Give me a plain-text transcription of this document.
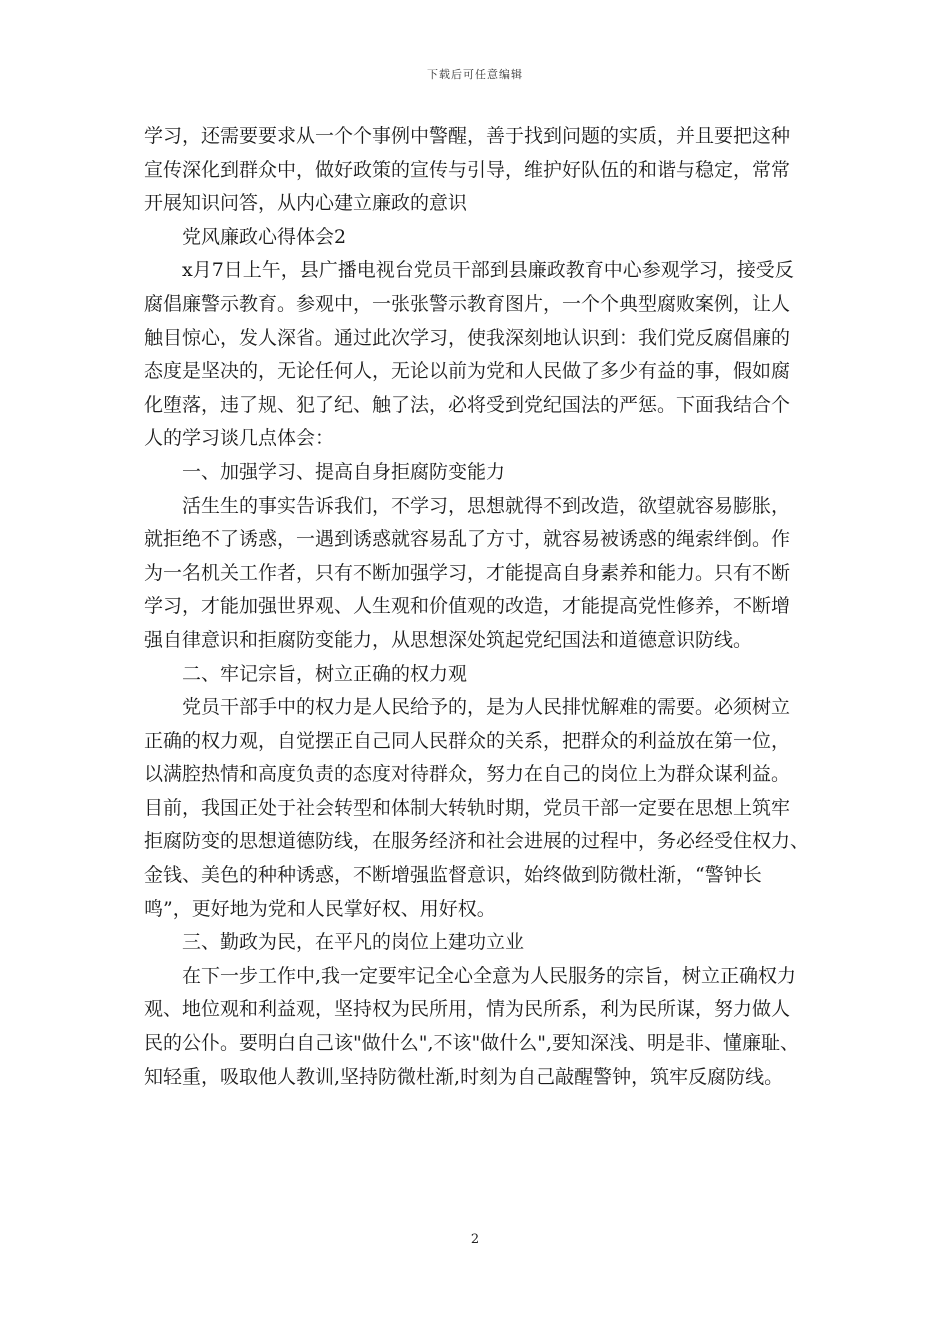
下载后可任意编辑

学习，还需要要求从一个个事例中警醒，善于找到问题的实质，并且要把这种

宣传深化到群众中，做好政策的宣传与引导，维护好队伍的和谐与稳定，常常

开展知识问答，从内心建立廉政的意识

党风廉政心得体会2

x月7日上午，县广播电视台党员干部到县廉政教育中心参观学习，接受反

腐倡廉警示教育。参观中，一张张警示教育图片，一个个典型腐败案例，让人

触目惊心，发人深省。通过此次学习，使我深刻地认识到：我们党反腐倡廉的

态度是坚决的，无论任何人，无论以前为党和人民做了多少有益的事，假如腐

化堕落，违了规、犯了纪、触了法，必将受到党纪国法的严惩。下面我结合个

人的学习谈几点体会：

一、加强学习、提高自身拒腐防变能力

活生生的事实告诉我们，不学习，思想就得不到改造，欲望就容易膨胀，

就拒绝不了诱惑，一遇到诱惑就容易乱了方寸，就容易被诱惑的绳索绊倒。作

为一名机关工作者，只有不断加强学习，才能提高自身素养和能力。只有不断

学习，才能加强世界观、人生观和价值观的改造，才能提高党性修养，不断增

强自律意识和拒腐防变能力，从思想深处筑起党纪国法和道德意识防线。

二、牢记宗旨，树立正确的权力观

党员干部手中的权力是人民给予的，是为人民排忧解难的需要。必须树立

正确的权力观，自觉摆正自己同人民群众的关系，把群众的利益放在第一位，

以满腔热情和高度负责的态度对待群众，努力在自己的岗位上为群众谋利益。

目前，我国正处于社会转型和体制大转轨时期，党员干部一定要在思想上筑牢

拒腐防变的思想道德防线，在服务经济和社会进展的过程中，务必经受住权力、

金钱、美色的种种诱惑，不断增强监督意识，始终做到防微杜渐，“警钟长

鸣”，更好地为党和人民掌好权、用好权。

三、勤政为民，在平凡的岗位上建功立业

在下一步工作中,我一定要牢记全心全意为人民服务的宗旨，树立正确权力

观、地位观和利益观，坚持权为民所用，情为民所系，利为民所谋，努力做人

民的公仆。要明白自己该"做什么",不该"做什么",要知深浅、明是非、懂廉耻、

知轻重，吸取他人教训,坚持防微杜渐,时刻为自己敲醒警钟，筑牢反腐防线。

2
